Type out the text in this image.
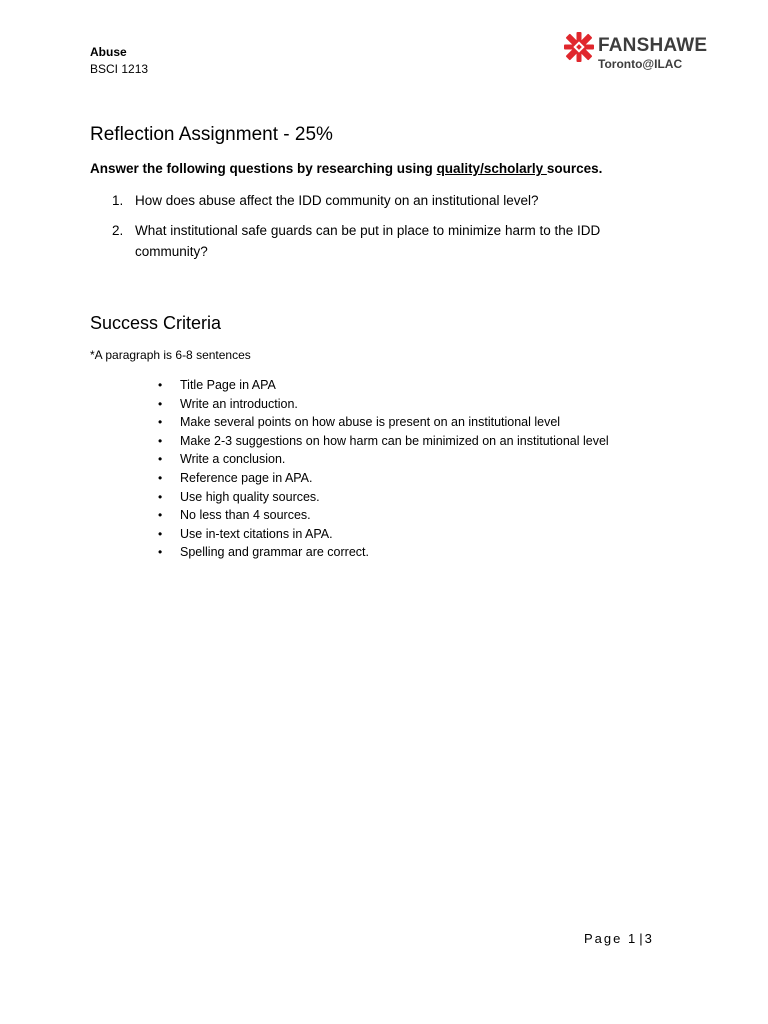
Abuse
BSCI 1213
FANSHAWE
Toronto@ILAC
Reflection Assignment - 25%
Answer the following questions by researching using quality/scholarly sources.
1. How does abuse affect the IDD community on an institutional level?
2. What institutional safe guards can be put in place to minimize harm to the IDD community?
Success Criteria
*A paragraph is 6-8 sentences
• Title Page in APA
• Write an introduction.
• Make several points on how abuse is present on an institutional level
• Make 2-3 suggestions on how harm can be minimized on an institutional level
• Write a conclusion.
• Reference page in APA.
• Use high quality sources.
• No less than 4 sources.
• Use in-text citations in APA.
• Spelling and grammar are correct.
Page 1 | 3
